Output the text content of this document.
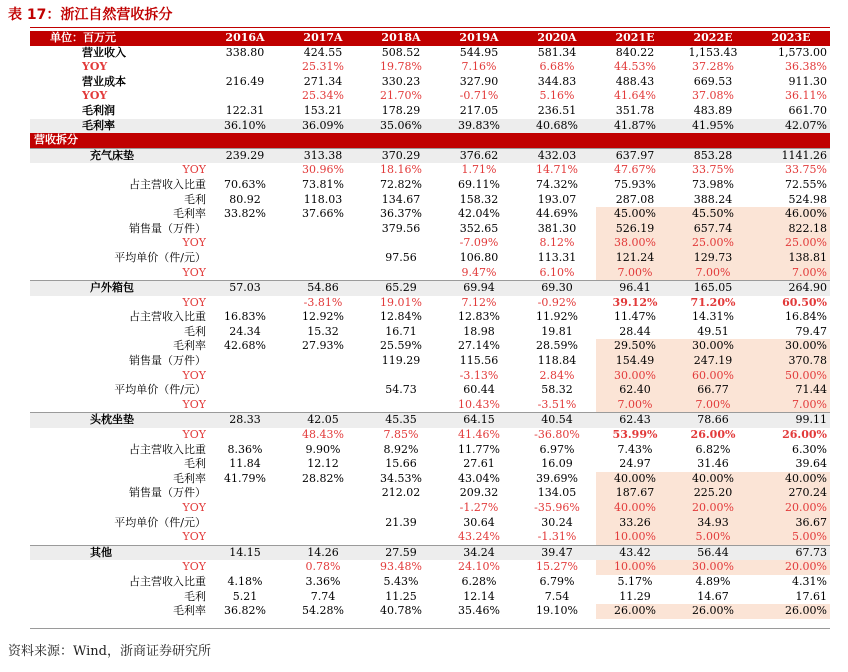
表 17：浙江自然营收拆分
单位：百万元	2016A	2017A	2018A	2019A	2020A	2021E	2022E	2023E
营业收入	338.80	424.55	508.52	544.95	581.34	840.22	1,153.43	1,573.00
YOY		25.31%	19.78%	7.16%	6.68%	44.53%	37.28%	36.38%
营业成本	216.49	271.34	330.23	327.90	344.83	488.43	669.53	911.30
YOY		25.34%	21.70%	-0.71%	5.16%	41.64%	37.08%	36.11%
毛利润	122.31	153.21	178.29	217.05	236.51	351.78	483.89	661.70
毛利率	36.10%	36.09%	35.06%	39.83%	40.68%	41.87%	41.95%	42.07%
营收拆分								
充气床垫	239.29	313.38	370.29	376.62	432.03	637.97	853.28	1141.26
YOY		30.96%	18.16%	1.71%	14.71%	47.67%	33.75%	33.75%
占主营收入比重	70.63%	73.81%	72.82%	69.11%	74.32%	75.93%	73.98%	72.55%
毛利	80.92	118.03	134.67	158.32	193.07	287.08	388.24	524.98
毛利率	33.82%	37.66%	36.37%	42.04%	44.69%	45.00%	45.50%	46.00%
销售量（万件）			379.56	352.65	381.30	526.19	657.74	822.18
YOY				-7.09%	8.12%	38.00%	25.00%	25.00%
平均单价（件/元）			97.56	106.80	113.31	121.24	129.73	138.81
YOY				9.47%	6.10%	7.00%	7.00%	7.00%
户外箱包	57.03	54.86	65.29	69.94	69.30	96.41	165.05	264.90
YOY		-3.81%	19.01%	7.12%	-0.92%	39.12%	71.20%	60.50%
占主营收入比重	16.83%	12.92%	12.84%	12.83%	11.92%	11.47%	14.31%	16.84%
毛利	24.34	15.32	16.71	18.98	19.81	28.44	49.51	79.47
毛利率	42.68%	27.93%	25.59%	27.14%	28.59%	29.50%	30.00%	30.00%
销售量（万件）			119.29	115.56	118.84	154.49	247.19	370.78
YOY				-3.13%	2.84%	30.00%	60.00%	50.00%
平均单价（件/元）			54.73	60.44	58.32	62.40	66.77	71.44
YOY				10.43%	-3.51%	7.00%	7.00%	7.00%
头枕坐垫	28.33	42.05	45.35	64.15	40.54	62.43	78.66	99.11
YOY		48.43%	7.85%	41.46%	-36.80%	53.99%	26.00%	26.00%
占主营收入比重	8.36%	9.90%	8.92%	11.77%	6.97%	7.43%	6.82%	6.30%
毛利	11.84	12.12	15.66	27.61	16.09	24.97	31.46	39.64
毛利率	41.79%	28.82%	34.53%	43.04%	39.69%	40.00%	40.00%	40.00%
销售量（万件）			212.02	209.32	134.05	187.67	225.20	270.24
YOY				-1.27%	-35.96%	40.00%	20.00%	20.00%
平均单价（件/元）			21.39	30.64	30.24	33.26	34.93	36.67
YOY				43.24%	-1.31%	10.00%	5.00%	5.00%
其他	14.15	14.26	27.59	34.24	39.47	43.42	56.44	67.73
YOY		0.78%	93.48%	24.10%	15.27%	10.00%	30.00%	20.00%
占主营收入比重	4.18%	3.36%	5.43%	6.28%	6.79%	5.17%	4.89%	4.31%
毛利	5.21	7.74	11.25	12.14	7.54	11.29	14.67	17.61
毛利率	36.82%	54.28%	40.78%	35.46%	19.10%	26.00%	26.00%	26.00%
资料来源：Wind，浙商证券研究所
